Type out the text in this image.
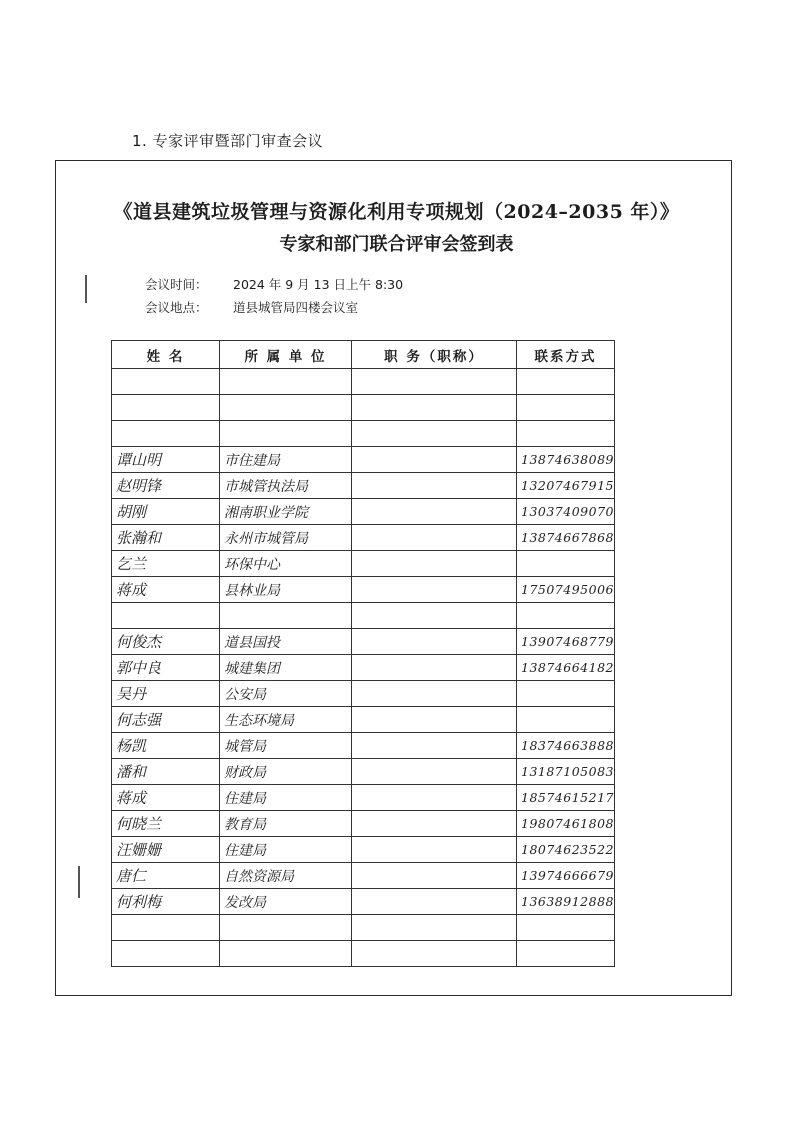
1. 专家评审暨部门审查会议
《道县建筑垃圾管理与资源化利用专项规划（2024–2035 年）》
专家和部门联合评审会签到表
会议时间： 2024 年 9 月 13 日上午 8:30
会议地点： 道县城管局四楼会议室
姓 名	所 属 单 位	职 务（职称）	联系方式

谭山明	市住建局		13874638089
赵明锋	市城管执法局		13207467915
胡刚	湘南职业学院		13037409070
张瀚和	永州市城管局		13874667868
乞兰	环保中心		
蒋成	县林业局		17507495006

何俊杰	道县国投		13907468779
郭中良	城建集团		13874664182
吴丹	公安局		
何志强	生态环境局		
杨凯	城管局		18374663888
潘和	财政局		13187105083
蒋成	住建局		18574615217
何晓兰	教育局		19807461808
汪姗姗	住建局		18074623522
唐仁	自然资源局		13974666679
何利梅	发改局		13638912888
